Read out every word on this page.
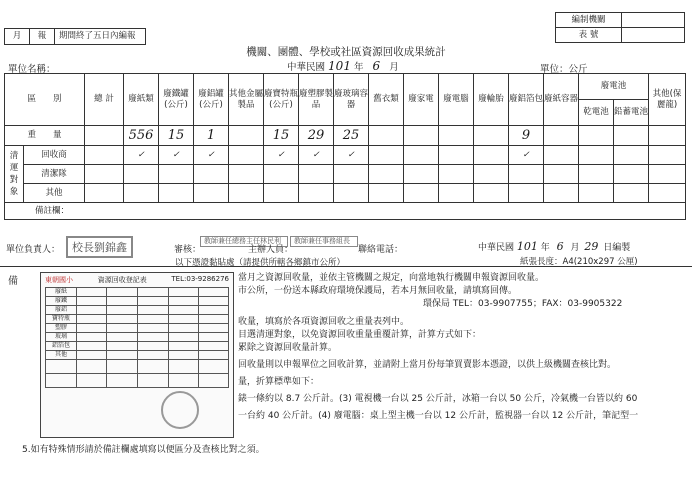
月	報	期間終了五日內編報
編制機關	
表 號	
機關、團體、學校或社區資源回收成果統計
單位名稱：	中華民國 101 年 6 月	單位：公斤
區　　別		總 計	廢紙類	廢鐵罐(公斤)	廢鋁罐(公斤)	其他金屬製品	廢寶特瓶(公斤)	廢塑膠製品	廢玻璃容器	舊衣類	廢家電	廢電腦	廢輪胎	廢鋁箔包	廢紙容器	廢電池		其他(保麗龍)
																乾電池	鉛蓄電池	
重　　量			556	15	1		15	29	25					9				
清
運
對
象	回收商		✓	✓	✓		✓	✓	✓					✓				
	清潔隊																	
	其他																	
備註欄：																		
單位負責人：	校長劉錦鑫	審核：
教師兼任總務主任林民利
主辦人員：
教師兼任事務組長
聯絡電話：	中華民國 101 年 6 月 29 日編製
以下憑證黏貼處（請提供所轄各鄉鎮市公所）	紙張長度：A4(210x297 公厘)
備	當月之資源回收量，並依主管機關之規定，向當地執行機關申報資源回收量。
市公所，一份送本縣政府環境保護局，若本月無回收量，請填寫回傳。
環保局 TEL：03-9907755；FAX：03-9905322
收量，填寫於各項資源回收之重量表列中。
目選清運對象，以免資源回收重量重覆計算，計算方式如下：
累除之資源回收量計算。
回收量則以申報單位之回收計算，並請附上當月份每筆買賣影本憑證，以供上級機關查核比對。
量，折算標準如下：
錶一條約以 8.7 公斤計。(3) 電視機一台以 25 公斤計，冰箱一台以 50 公斤，冷氣機一台皆以約 60
一台約 40 公斤計。(4) 廢電腦：桌上型主機一台以 12 公斤計，監視器一台以 12 公斤計，筆記型一
5.如有特殊情形請於備註欄處填寫以便區分及查核比對之須。
東朝國小	資源回收登記表	TEL:03-9286276
廢紙					
廢鐵					
廢鋁					
寶特瓶					
塑膠					
玻璃					
鋁箔包					
其他					
